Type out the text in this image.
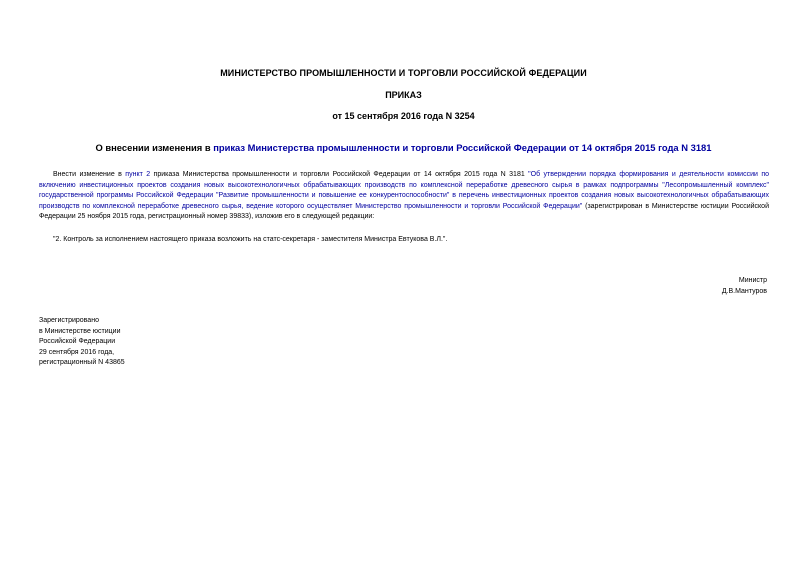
МИНИСТЕРСТВО ПРОМЫШЛЕННОСТИ И ТОРГОВЛИ РОССИЙСКОЙ ФЕДЕРАЦИИ
ПРИКАЗ
от 15 сентября 2016 года N 3254
О внесении изменения в приказ Министерства промышленности и торговли Российской Федерации от 14 октября 2015 года N 3181
Внести изменение в пункт 2 приказа Министерства промышленности и торговли Российской Федерации от 14 октября 2015 года N 3181 "Об утверждении порядка формирования и деятельности комиссии по включению инвестиционных проектов создания новых высокотехнологичных обрабатывающих производств по комплексной переработке древесного сырья в рамках подпрограммы "Лесопромышленный комплекс" государственной программы Российской Федерации "Развитие промышленности и повышение ее конкурентоспособности" в перечень инвестиционных проектов создания новых высокотехнологичных обрабатывающих производств по комплексной переработке древесного сырья, ведение которого осуществляет Министерство промышленности и торговли Российской Федерации" (зарегистрирован в Министерстве юстиции Российской Федерации 25 ноября 2015 года, регистрационный номер 39833), изложив его в следующей редакции:
"2. Контроль за исполнением настоящего приказа возложить на статс-секретаря - заместителя Министра Евтукова В.Л.".
Министр
Д.В.Мантуров
Зарегистрировано
в Министерстве юстиции
Российской Федерации
29 сентября 2016 года,
регистрационный N 43865
